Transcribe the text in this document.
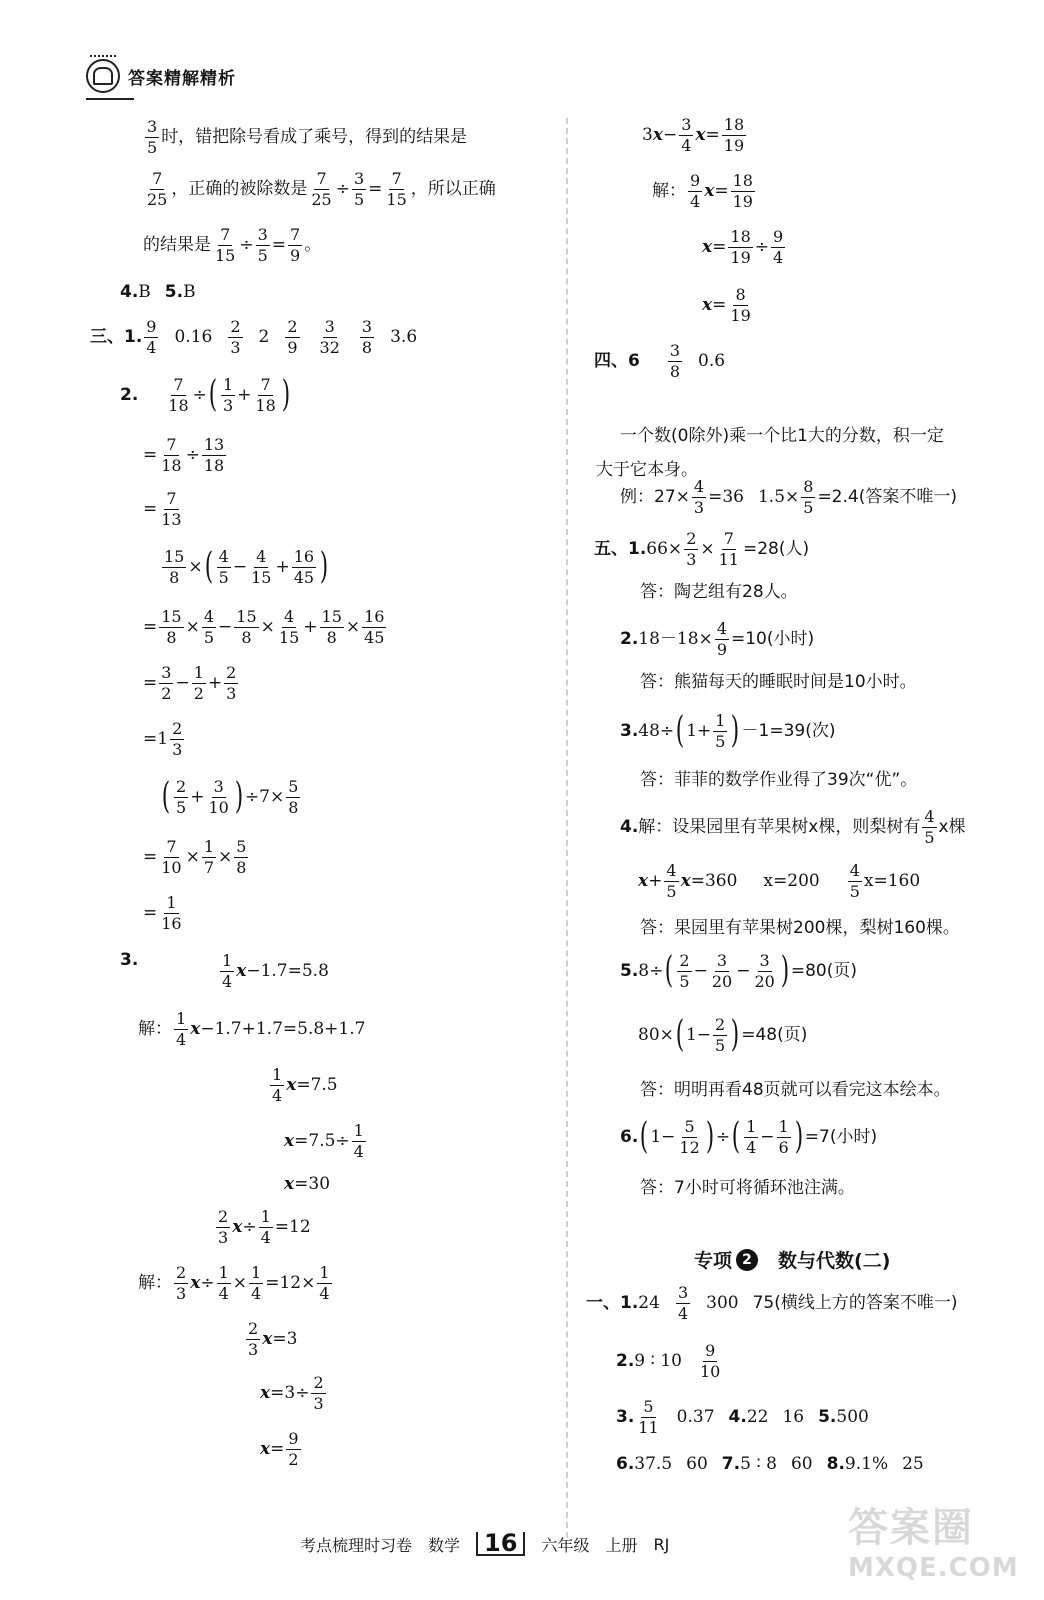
答案精解精析
3
5
时，错把除号看成了乘号，得到的结果是
7
25
，正确的被除数是
7
25
÷
3
5
=
7
15
，所以正确
的结果是
7
15
÷
3
5
=
7
9
。
4. B 5. B
三、1.
9
4
0.16
2
3
2
2
9
3
32
3
8
3.6
2.
7
18
÷ ( 1
3
+
7
18 )
=
7
18
÷
13
18
=
7
13
15
8
× ( 4
5
−
4
15
+
16
45 )
=
15
8
×
4
5
−
15
8
×
4
15
+
15
8
×
16
45
=
3
2
−
1
2
+
2
3
= 1
2
3
( 2
5
+
3
10 ) ÷7×
5
8
=
7
10
×
1
7
×
5
8
=
1
16
3.	1
4
x −1.7=5.8
解：
1
4
x −1.7+1.7=5.8+1.7
1
4
x =7.5
x =7.5÷
1
4
x =30
2
3
x ÷
1
4
=12
解：
2
3
x ÷
1
4
×
1
4
=12×
1
4
2
3
x =3
x =3÷
2
3
x =
9
2
3 x −
3
4
x =
18
19
解：
9
4
x =
18
19
x =
18
19
÷
9
4
x =
8
19
四、6
3
8
0.6
一个数(0除外)乘一个比1大的分数，积一定
大于它本身。
例：$27\times \frac{4}{3} =36$ $1.5\times \frac{8}{5} =2.4$(答案不唯一)
五、1. $66\times \frac{2}{3} \times \frac{7}{11} =28$(人)
答：陶艺组有28人。
2. $18-18\times \frac{4}{9} =10$(小时)
答：熊猫每天的睡眠时间是10小时。
3. 48÷ ( 1+
1
5 ) －1=39(次)
答：菲菲的数学作业得了39次“优”。
4. 解：设果园里有苹果树x棵，则梨树有
4
5
x棵
x +
4
5
x =360 x=200
4
5
x=160
答：果园里有苹果树200棵，梨树160棵。
5. 8÷ ( 2
5
−
3
20
−
3
20 ) =80(页)
80× ( 1−
2
5 ) =48(页)
答：明明再看48页就可以看完这本绘本。
6. ( 1−
5
12 ) ÷ ( 1
4
−
1
6 ) =7(小时)
答：7小时可将循环池注满。
专项 2	数与代数(二)
一、1. 24
3
4
300 75(横线上方的答案不唯一)
2. 9 ∶ 10
9
10
3.
5
11
0.37 4. 22 16 5. 500
6. 37.5 60 7. 5 ∶ 8 60 8. 9.1% 25
考点梳理时习卷 数学	16	六年级 上册 RJ	答案圈
MXQE.COM
